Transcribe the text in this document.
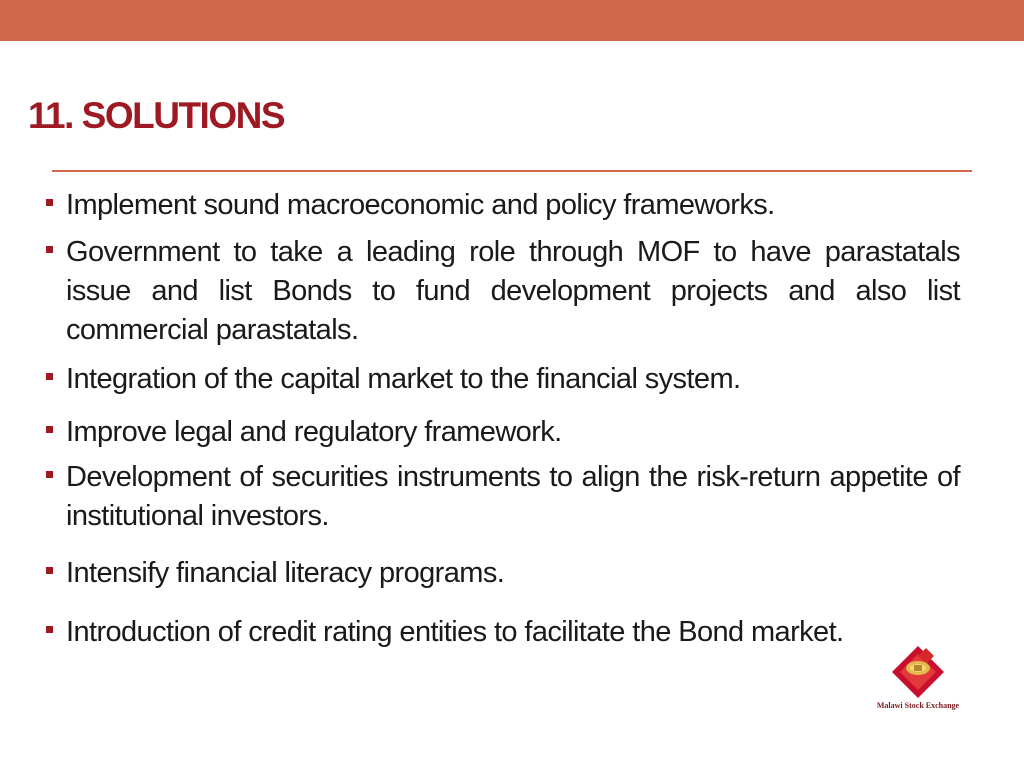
11. SOLUTIONS
Implement sound macroeconomic and policy frameworks.
Government to take a leading role through MOF to have parastatals issue and list Bonds to fund development projects and also list commercial parastatals.
Integration of the capital market to the financial system.
Improve legal and regulatory framework.
Development of securities instruments to align the risk-return appetite of institutional investors.
Intensify financial literacy programs.
Introduction of credit rating entities to facilitate the Bond market.
Malawi Stock Exchange
